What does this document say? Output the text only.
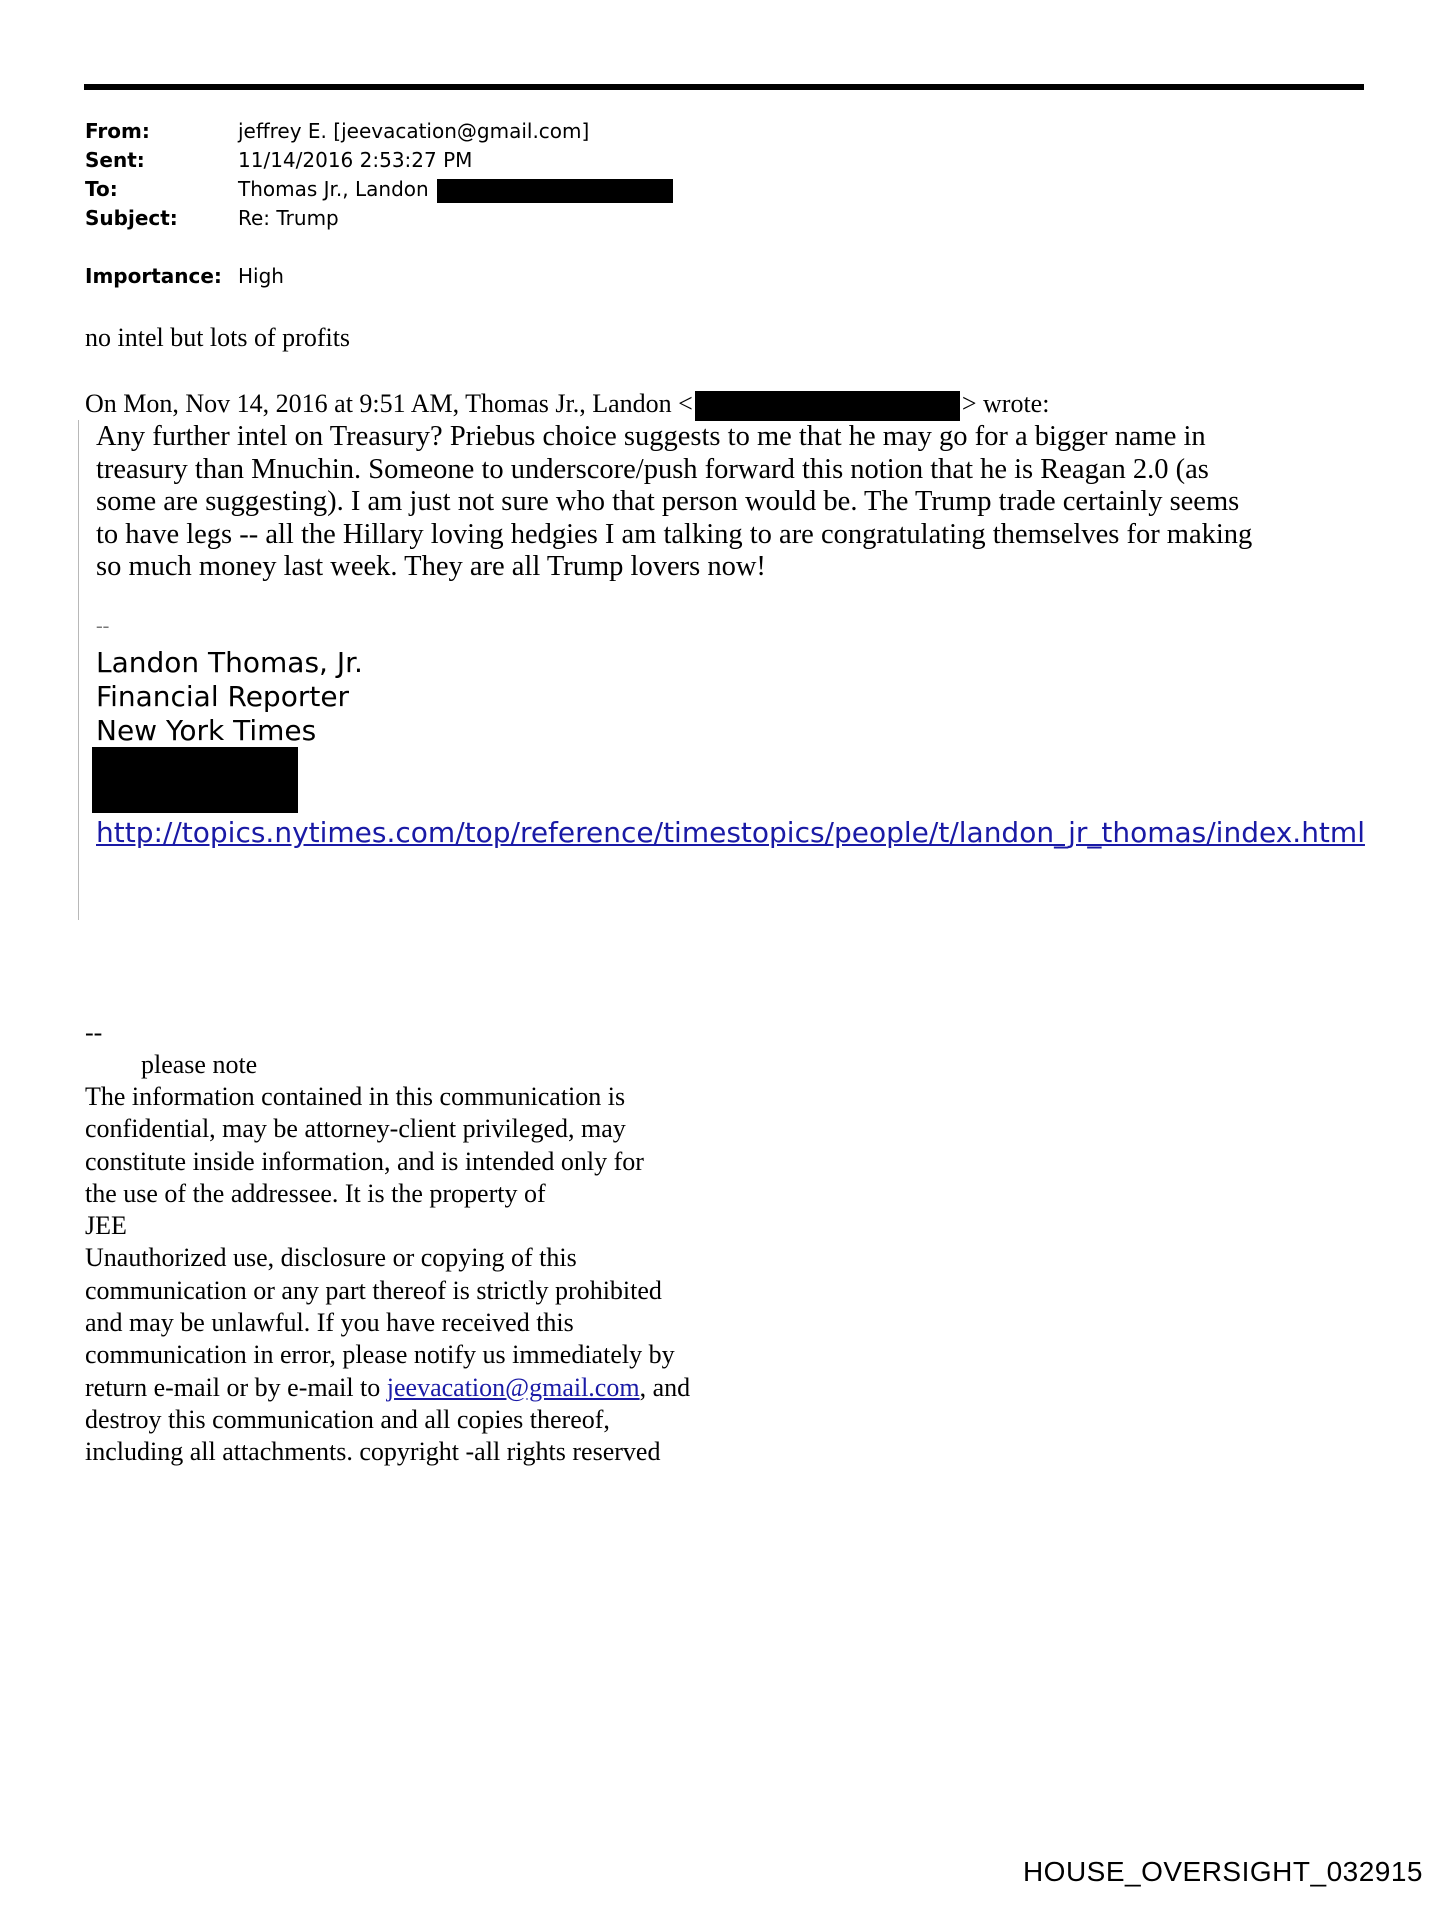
From:	jeffrey E. [jeevacation@gmail.com]
Sent:	11/14/2016 2:53:27 PM
To:	Thomas Jr., Landon
Subject:	Re: Trump
Importance: High
no intel but lots of profits
On Mon, Nov 14, 2016 at 9:51 AM, Thomas Jr., Landon <	> wrote:
Any further intel on Treasury? Priebus choice suggests to me that he may go for a bigger name in
treasury than Mnuchin. Someone to underscore/push forward this notion that he is Reagan 2.0 (as
some are suggesting). I am just not sure who that person would be. The Trump trade certainly seems
to have legs -- all the Hillary loving hedgies I am talking to are congratulating themselves for making
so much money last week. They are all Trump lovers now!
--
Landon Thomas, Jr.
Financial Reporter
New York Times
http://topics.nytimes.com/top/reference/timestopics/people/t/landon_jr_thomas/index.html
--
please note
The information contained in this communication is
confidential, may be attorney-client privileged, may
constitute inside information, and is intended only for
the use of the addressee. It is the property of
JEE
Unauthorized use, disclosure or copying of this
communication or any part thereof is strictly prohibited
and may be unlawful. If you have received this
communication in error, please notify us immediately by
return e-mail or by e-mail to jeevacation@gmail.com, and
destroy this communication and all copies thereof,
including all attachments. copyright -all rights reserved
HOUSE_OVERSIGHT_032915
